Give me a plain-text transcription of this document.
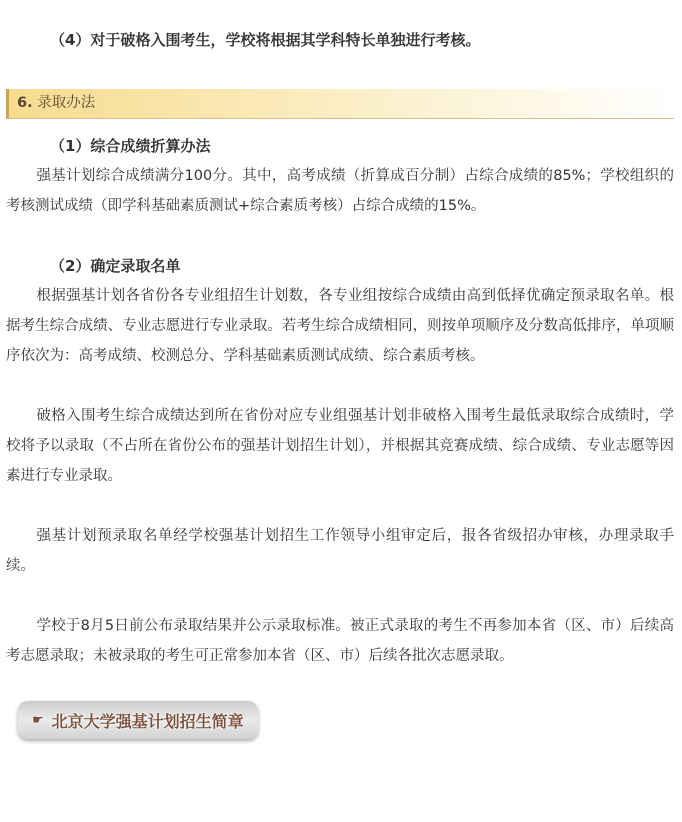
（4）对于破格入围考生，学校将根据其学科特长单独进行考核。

6. 录取办法

（1）综合成绩折算办法

强基计划综合成绩满分100分。其中，高考成绩（折算成百分制）占综合成绩的85%；学校组织的考核测试成绩（即学科基础素质测试+综合素质考核）占综合成绩的15%。

（2）确定录取名单

根据强基计划各省份各专业组招生计划数，各专业组按综合成绩由高到低择优确定预录取名单。根据考生综合成绩、专业志愿进行专业录取。若考生综合成绩相同，则按单项顺序及分数高低排序，单项顺序依次为：高考成绩、校测总分、学科基础素质测试成绩、综合素质考核。

破格入围考生综合成绩达到所在省份对应专业组强基计划非破格入围考生最低录取综合成绩时，学校将予以录取（不占所在省份公布的强基计划招生计划），并根据其竞赛成绩、综合成绩、专业志愿等因素进行专业录取。

强基计划预录取名单经学校强基计划招生工作领导小组审定后，报各省级招办审核，办理录取手续。

学校于8月5日前公布录取结果并公示录取标准。被正式录取的考生不再参加本省（区、市）后续高考志愿录取；未被录取的考生可正常参加本省（区、市）后续各批次志愿录取。

☛ 北京大学强基计划招生简章
